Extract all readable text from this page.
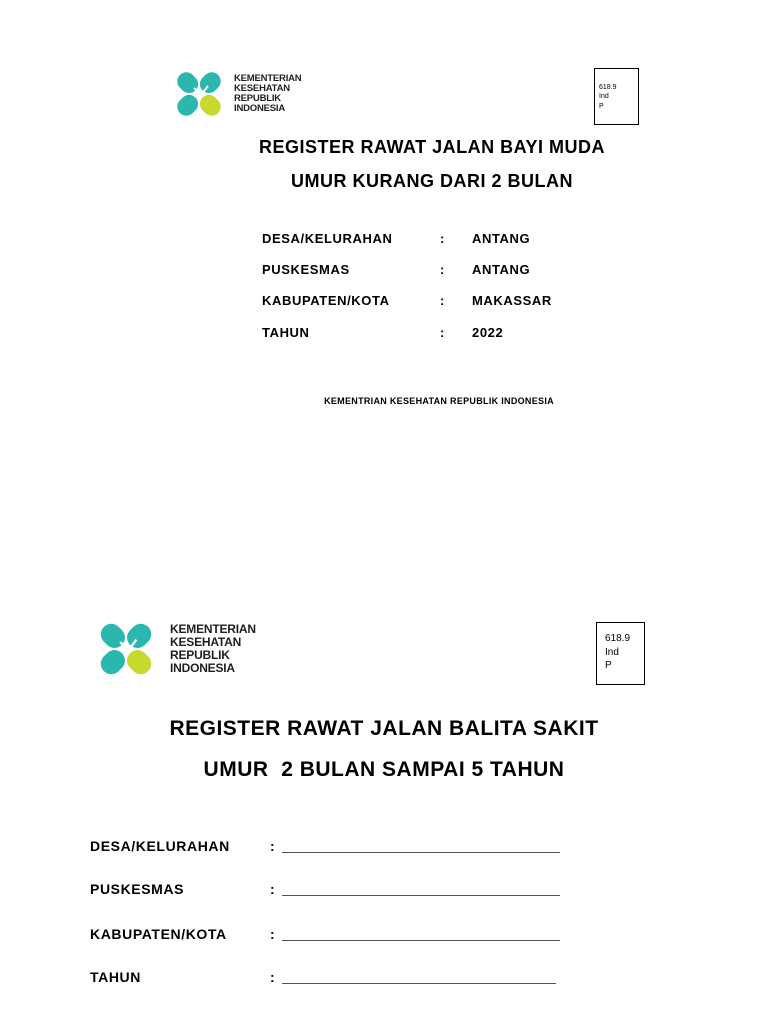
KEMENTERIAN
KESEHATAN
REPUBLIK
INDONESIA
618.9
Ind
P
REGISTER RAWAT JALAN BAYI MUDA
UMUR KURANG DARI 2 BULAN
DESA/KELURAHAN	:	ANTANG
PUSKESMAS	:	ANTANG
KABUPATEN/KOTA	:	MAKASSAR
TAHUN	:	2022
KEMENTRIAN KESEHATAN REPUBLIK INDONESIA
KEMENTERIAN
KESEHATAN
REPUBLIK
INDONESIA
618.9
Ind
P
REGISTER RAWAT JALAN BALITA SAKIT
UMUR  2 BULAN SAMPAI 5 TAHUN
DESA/KELURAHAN	:
PUSKESMAS	:
KABUPATEN/KOTA	:
TAHUN	:
